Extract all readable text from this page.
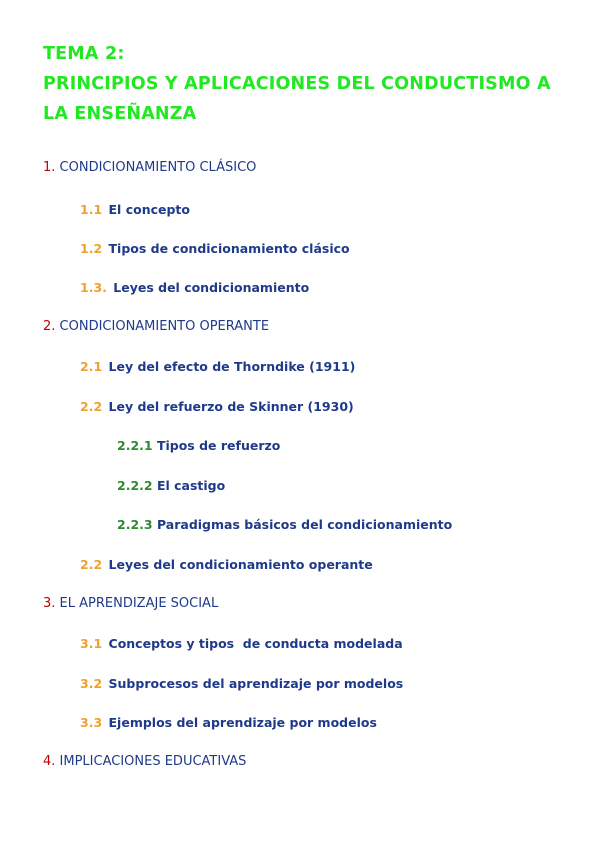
TEMA 2:
PRINCIPIOS Y APLICACIONES DEL CONDUCTISMO A
LA ENSEÑANZA
1. CONDICIONAMIENTO CLÁSICO
1.1 El concepto
1.2 Tipos de condicionamiento clásico
1.3. Leyes del condicionamiento
2. CONDICIONAMIENTO OPERANTE
2.1 Ley del efecto de Thorndike (1911)
2.2 Ley del refuerzo de Skinner (1930)
2.2.1 Tipos de refuerzo
2.2.2 El castigo
2.2.3 Paradigmas básicos del condicionamiento
2.2 Leyes del condicionamiento operante
3. EL APRENDIZAJE SOCIAL
3.1 Conceptos y tipos  de conducta modelada
3.2 Subprocesos del aprendizaje por modelos
3.3 Ejemplos del aprendizaje por modelos
4. IMPLICACIONES EDUCATIVAS
